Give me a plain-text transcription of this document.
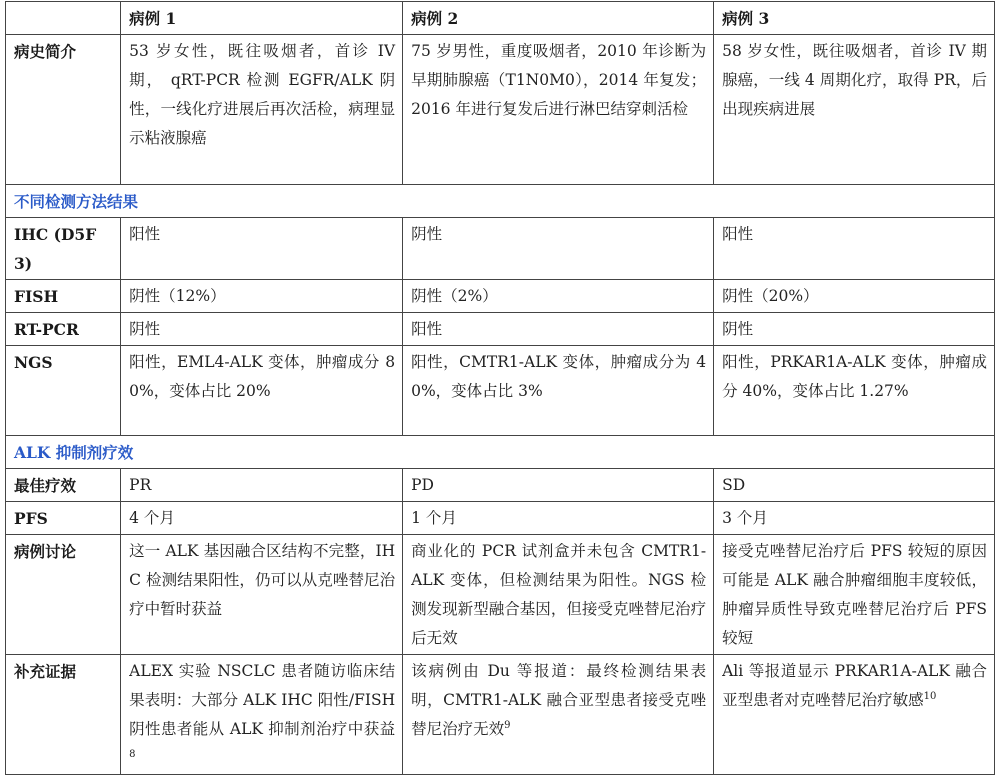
	病例 1	病例 2	病例 3
病史简介	53 岁女性，既往吸烟者，首诊 IV 期， qRT-PCR 检测 EGFR/ALK 阴性，一线化疗进展后再次活检，病理显示粘液腺癌	75 岁男性，重度吸烟者，2010 年诊断为早期肺腺癌（T1N0M0），2014 年复发；2016 年进行复发后进行淋巴结穿刺活检	58 岁女性，既往吸烟者，首诊 IV 期腺癌，一线 4 周期化疗，取得 PR，后出现疾病进展
不同检测方法结果			
IHC (D5F3)	阳性	阴性	阳性
FISH	阴性（12%）	阴性（2%）	阴性（20%）
RT-PCR	阴性	阳性	阴性
NGS	阳性，EML4-ALK 变体，肿瘤成分 80%，变体占比 20%	阳性，CMTR1-ALK 变体，肿瘤成分为 40%，变体占比 3%	阳性，PRKAR1A-ALK 变体，肿瘤成分 40%，变体占比 1.27%
ALK 抑制剂疗效			
最佳疗效	PR	PD	SD
PFS	4 个月	1 个月	3 个月
病例讨论	这一 ALK 基因融合区结构不完整，IHC 检测结果阳性，仍可以从克唑替尼治疗中暂时获益	商业化的 PCR 试剂盒并未包含 CMTR1-ALK 变体，但检测结果为阳性。NGS 检测发现新型融合基因，但接受克唑替尼治疗后无效	接受克唑替尼治疗后 PFS 较短的原因可能是 ALK 融合肿瘤细胞丰度较低，肿瘤异质性导致克唑替尼治疗后 PFS 较短
补充证据	ALEX 实验 NSCLC 患者随访临床结果表明：大部分 ALK IHC 阳性/FISH 阴性患者能从 ALK 抑制剂治疗中获益$^8$	该病例由 Du 等报道：最终检测结果表明，CMTR1-ALK 融合亚型患者接受克唑替尼治疗无效$^9$	Ali 等报道显示 PRKAR1A-ALK 融合亚型患者对克唑替尼治疗敏感$^{10}$
